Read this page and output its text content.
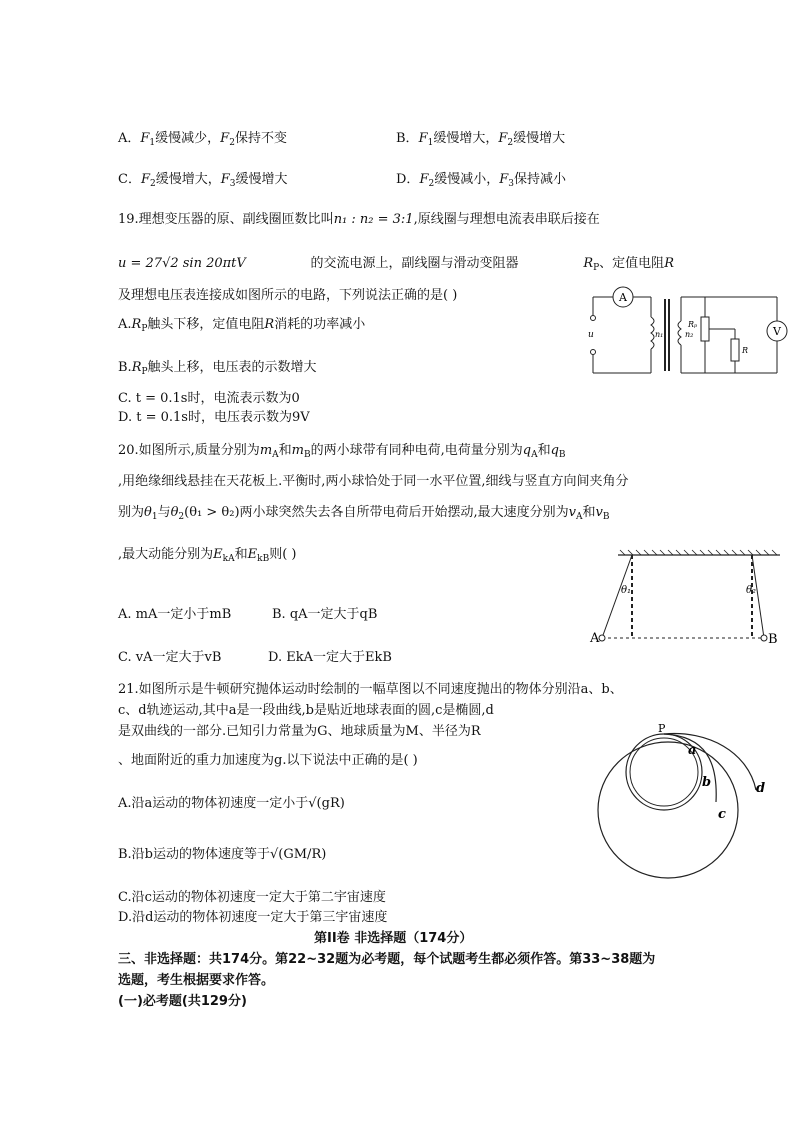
A．$F_1$缓慢减少，$F_2$保持不变	B．$F_1$缓慢增大，$F_2$缓慢增大
C．$F_2$缓慢增大，$F_3$缓慢增大	D．$F_2$缓慢减小，$F_3$保持减小
19.理想变压器的原、副线圈匝数比叫n₁ : n₂ = 3:1,原线圈与理想电流表串联后接在
u = 27√2 sin 20πtV	的交流电源上，副线圈与滑动变阻器	$R_P$、定值电阻R
及理想电压表连接成如图所示的电路，下列说法正确的是( )
$A.R_P$触头下移，定值电阻R消耗的功率减小
$B.R_P$触头上移，电压表的示数增大
C. t = 0.1s时，电流表示数为0
D. t = 0.1s时，电压表示数为9V
A
V
u	n₁	n₂
Rₚ
R
20.如图所示,质量分别为$m_A$和$m_B$的两小球带有同种电荷,电荷量分别为$q_A$和$q_B$
,用绝缘细线悬挂在天花板上.平衡时,两小球恰处于同一水平位置,细线与竖直方向间夹角分
别为$\theta_1$与$\theta_2(\theta_1 > \theta_2)$两小球突然失去各自所带电荷后开始摆动,最大速度分别为$v_A$和$v_B$
,最大动能分别为$E_{kA}$和$E_{kB}$则( )
A. mA一定小于mB	B. qA一定大于qB
C. vA一定大于vB	D. EkA一定大于EkB
A	B
θ₁	θ₂
21.如图所示是牛顿研究抛体运动时绘制的一幅草图以不同速度抛出的物体分别沿a、b、
c、d轨迹运动,其中a是一段曲线,b是贴近地球表面的圆,c是椭圆,d
是双曲线的一部分.已知引力常量为G、地球质量为M、半径为R
、地面附近的重力加速度为g.以下说法中正确的是( )
A.沿a运动的物体初速度一定小于√(gR)
B.沿b运动的物体速度等于√(GM/R)
C.沿c运动的物体初速度一定大于第二宇宙速度
D.沿d运动的物体初速度一定大于第三宇宙速度
P
a
b
c
d
第II卷 非选择题（174分）
三、非选择题：共174分。第22~32题为必考题，每个试题考生都必须作答。第33~38题为
选题，考生根据要求作答。
(一)必考题(共129分)
